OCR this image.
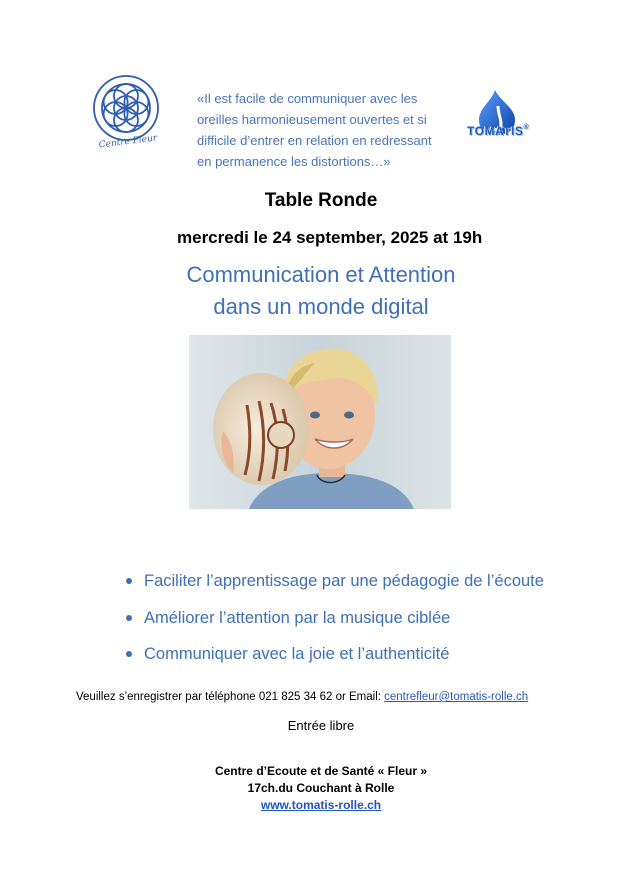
Centre Fleur
«Il est facile de communiquer avec les
oreilles harmonieusement ouvertes et si
difficile d’entrer en relation en redressant
en permanence les distortions…»
TOMATIS®
Table Ronde
mercredi le 24 september, 2025 at 19h
Communication et Attention
dans un monde digital
Faciliter l’apprentissage par une pédagogie de l’écoute
Améliorer l’attention par la musique ciblée
Communiquer avec la joie et l’authenticité
Veuillez s’enregistrer par téléphone 021 825 34 62 or Email: centrefleur@tomatis-rolle.ch
Entrée libre
Centre d’Ecoute et de Santé « Fleur »
17ch.du Couchant à Rolle
www.tomatis-rolle.ch
